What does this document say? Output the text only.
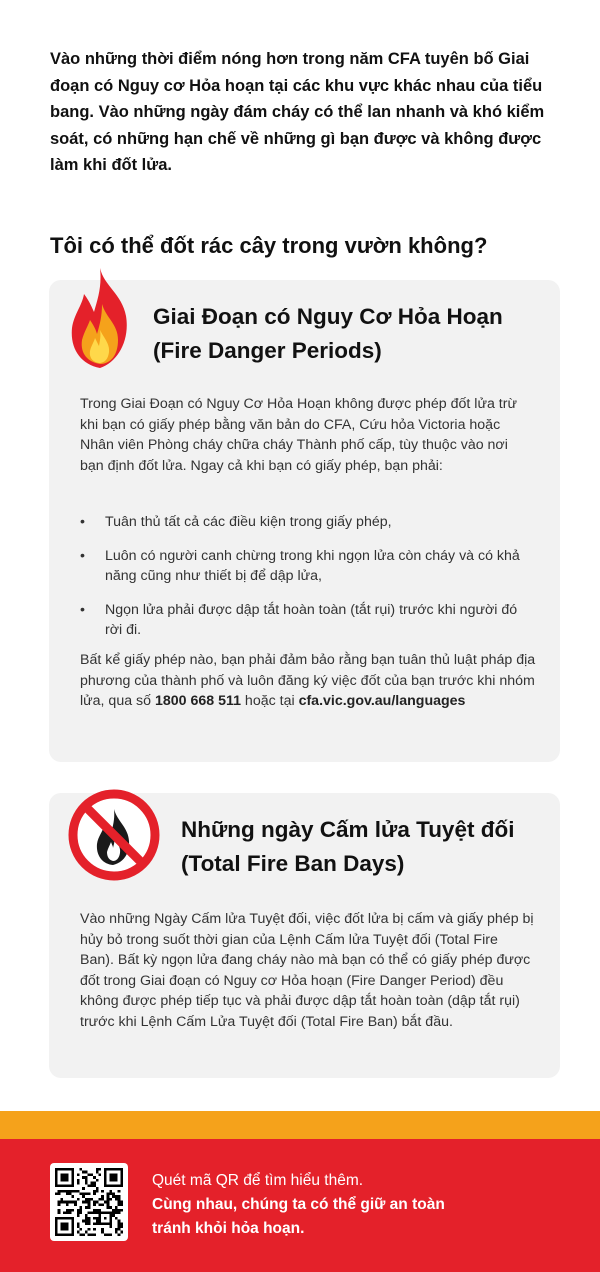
Vào những thời điểm nóng hơn trong năm CFA tuyên bố Giai đoạn có Nguy cơ Hỏa hoạn tại các khu vực khác nhau của tiểu bang. Vào những ngày đám cháy có thể lan nhanh và khó kiểm soát, có những hạn chế về những gì bạn được và không được làm khi đốt lửa.
Tôi có thể đốt rác cây trong vườn không?
Giai Đoạn có Nguy Cơ Hỏa Hoạn (Fire Danger Periods)

Trong Giai Đoạn có Nguy Cơ Hỏa Hoạn không được phép đốt lửa trừ khi bạn có giấy phép bằng văn bản do CFA, Cứu hỏa Victoria hoặc Nhân viên Phòng cháy chữa cháy Thành phố cấp, tùy thuộc vào nơi bạn định đốt lửa. Ngay cả khi bạn có giấy phép, bạn phải:

• Tuân thủ tất cả các điều kiện trong giấy phép,
• Luôn có người canh chừng trong khi ngọn lửa còn cháy và có khả năng cũng như thiết bị để dập lửa,
• Ngọn lửa phải được dập tắt hoàn toàn (tắt rụi) trước khi người đó rời đi.

Bất kể giấy phép nào, bạn phải đảm bảo rằng bạn tuân thủ luật pháp địa phương của thành phố và luôn đăng ký việc đốt của bạn trước khi nhóm lửa, qua số 1800 668 511 hoặc tại cfa.vic.gov.au/languages

Những ngày Cấm lửa Tuyệt đối (Total Fire Ban Days)

Vào những Ngày Cấm lửa Tuyệt đối, việc đốt lửa bị cấm và giấy phép bị hủy bỏ trong suốt thời gian của Lệnh Cấm lửa Tuyệt đối (Total Fire Ban). Bất kỳ ngọn lửa đang cháy nào mà bạn có thể có giấy phép được đốt trong Giai đoạn có Nguy cơ Hỏa hoạn (Fire Danger Period) đều không được phép tiếp tục và phải được dập tắt hoàn toàn (dập tắt rụi) trước khi Lệnh Cấm Lửa Tuyệt đối (Total Fire Ban) bắt đầu.

Quét mã QR để tìm hiểu thêm.
Cùng nhau, chúng ta có thể giữ an toàn tránh khỏi hỏa hoạn.
